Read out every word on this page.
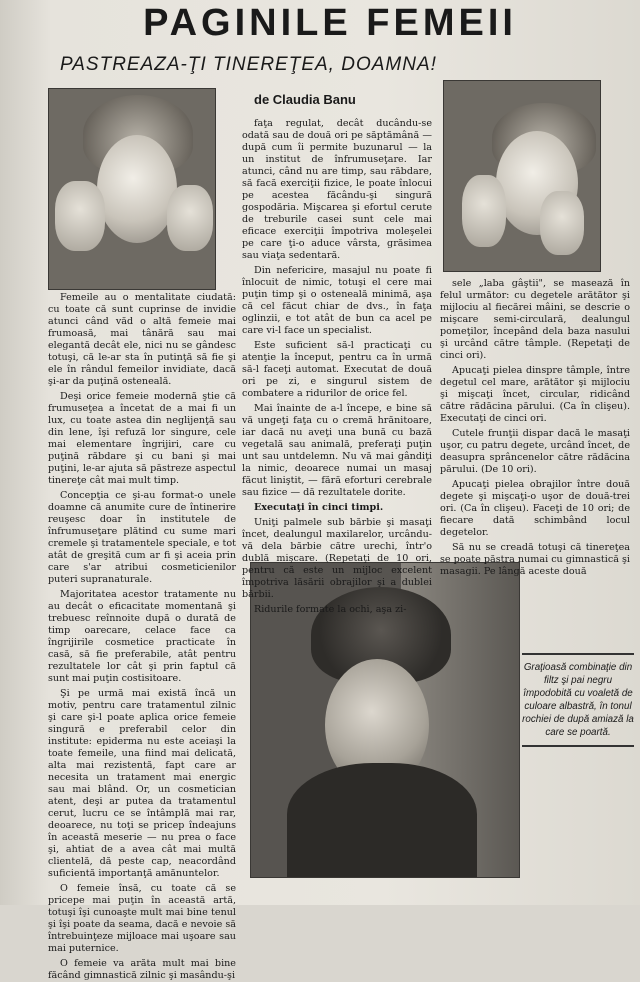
PAGINILE FEMEII
PASTREAZA-ŢI TINEREŢEA, DOAMNA!
de Claudia Banu

Femeile au o mentalitate ciudată: cu toate că sunt cuprinse de invidie atunci când văd o altă femeie mai frumoasă, mai tânără sau mai elegantă decât ele, nici nu se gândesc totuşi, că le-ar sta în putinţă să fie şi ele în rândul femeilor invidiate, dacă şi-ar da puţină osteneală.

Deşi orice femeie modernă ştie că frumuseţea a încetat de a mai fi un lux, cu toate astea din neglijenţă sau din lene, îşi refuză lor singure, cele mai elementare îngrijiri, care cu puţină răbdare şi cu bani şi mai puţini, le-ar ajuta să păstreze aspectul tinereţe cât mai mult timp.

Concepţia ce şi-au format-o unele doamne că anumite cure de întinerire reuşesc doar în institutele de înfrumuseţare plătind cu sume mari cremele şi tratamentele speciale, e tot atât de greşită cum ar fi şi aceia prin care s'ar atribui cosmeticienilor puteri supranaturale.

Majoritatea acestor tratamente nu au decât o eficacitate momentană şi trebuesc reînnoite după o durată de timp oarecare, celace face ca îngrijirile cosmetice practicate în casă, să fie preferabile, atât pentru rezultatele lor cât şi prin faptul că sunt mai puţin costisitoare.

Şi pe urmă mai există încă un motiv, pentru care tratamentul zilnic şi care şi-l poate aplica orice femeie singură e preferabil celor din institute: epiderma nu este aceiaşi la toate femeile, una fiind mai delicată, alta mai rezistentă, fapt care ar necesita un tratament mai energic sau mai blând. Or, un cosmetician atent, deşi ar putea da tratamentul cerut, lucru ce se întâmplă mai rar, deoarece, nu toţi se pricep îndeajuns în această meserie — nu prea o face şi, ahtiat de a avea cât mai multă clientelă, dă peste cap, neacordând suficientă importanţă amănuntelor.

O femeie însă, cu toate că se pricepe mai puţin în această artă, totuşi îşi cunoaşte mult mai bine tenul şi îşi poate da seama, dacă e nevoie să întrebuinţeze mijloace mai uşoare sau mai puternice.

O femeie va arăta mult mai bine făcând gimnastică zilnic şi masându-şi

faţa regulat, decât ducându-se odată sau de două ori pe săptămână — după cum îi permite buzunarul — la un institut de înfrumuseţare. Iar atunci, când nu are timp, sau răbdare, să facă exerciţii fizice, le poate înlocui pe acestea făcându-şi singură gospodăria. Mişcarea şi efortul cerute de treburile casei sunt cele mai eficace exerciţii împotriva moleşelei pe care ţi-o aduce vârsta, grăsimea sau viaţa sedentară.

Din nefericire, masajul nu poate fi înlocuit de nimic, totuşi el cere mai puţin timp şi o osteneală minimă, aşa că cel făcut chiar de dvs., în faţa oglinzii, e tot atât de bun ca acel pe care vi-l face un specialist.

Este suficient să-l practicaţi cu atenţie la început, pentru ca în urmă să-l faceţi automat. Executat de două ori pe zi, e singurul sistem de combatere a ridurilor de orice fel.

Mai înainte de a-l începe, e bine să vă ungeţi faţa cu o cremă hrănitoare, iar dacă nu aveţi una bună cu bază vegetală sau animală, preferaţi puţin unt sau untdelemn. Nu vă mai gândiţi la nimic, deoarece numai un masaj făcut liniştit, — fără eforturi cerebrale sau fizice — dă rezultatele dorite.

Executaţi în cinci timpi.

Uniţi palmele sub bărbie şi masaţi încet, dealungul maxilarelor, urcându-vă dela bărbie către urechi, într'o dublă mişcare. (Repetaţi de 10 ori, pentru că este un mijloc excelent împotriva lăsării obrajilor şi a dublei bărbii.

Ridurile formate la ochi, aşa zi-

sele „laba gâştii", se masează în felul următor: cu degetele arătător şi mijlociu al fiecărei mâini, se descrie o mişcare semi-circulară, dealungul pomeţilor, începând dela baza nasului şi urcând către tâmple. (Repetaţi de cinci ori).

Apucaţi pielea dinspre tâmple, între degetul cel mare, arătător şi mijlociu şi mişcaţi încet, circular, ridicând către rădăcina părului. (Ca în clişeu). Executaţi de cinci ori.

Cutele frunţii dispar dacă le masaţi uşor, cu patru degete, urcând încet, de deasupra sprâncenelor către rădăcina părului. (De 10 ori).

Apucaţi pielea obrajilor între două degete şi mişcaţi-o uşor de două-trei ori. (Ca în clişeu). Faceţi de 10 ori; de fiecare dată schimbând locul degetelor.

Să nu se creadă totuşi că tinereţea se poate păstra numai cu gimnastică şi masagii. Pe lângă aceste două

Graţioasă combinaţie din filtz şi pai negru împodobită cu voaletă de culoare albastră, în tonul rochiei de după amiază la care se poartă.
